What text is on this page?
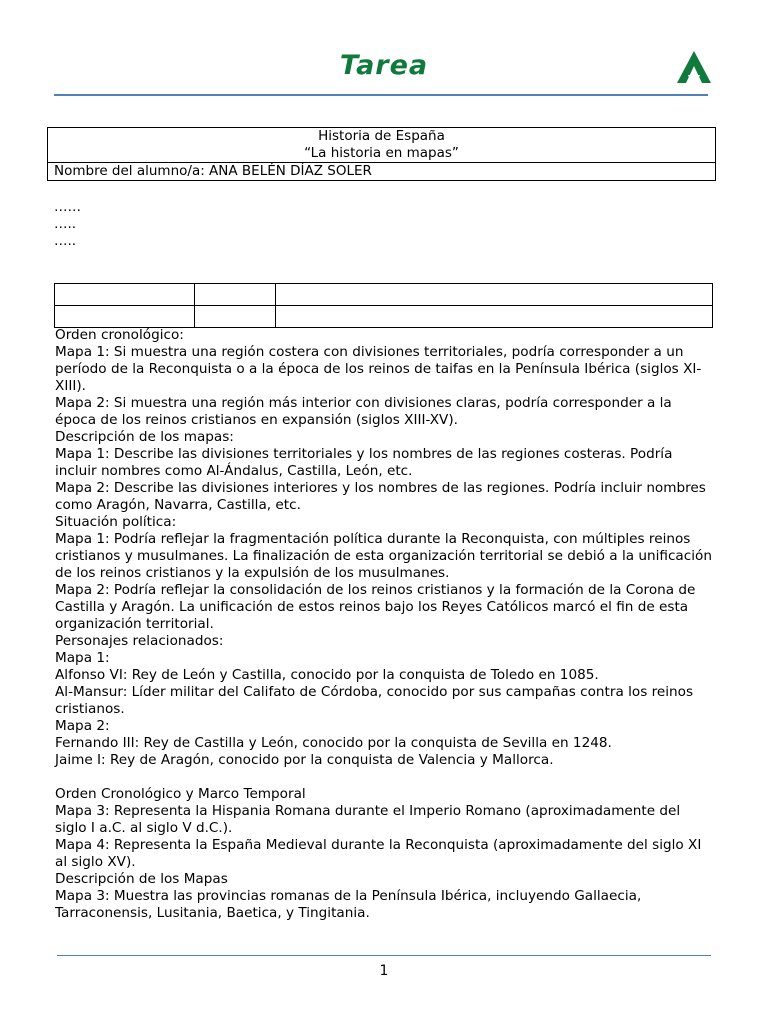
Tarea
Historia de España
“La historia en mapas”

Nombre del alumno/a: ANA BELÉN DÍAZ SOLER
……
…..
…..

Orden cronológico:

Mapa 1: Si muestra una región costera con divisiones territoriales, podría corresponder a un período de la Reconquista o a la época de los reinos de taifas en la Península Ibérica (siglos XI-XIII).

Mapa 2: Si muestra una región más interior con divisiones claras, podría corresponder a la época de los reinos cristianos en expansión (siglos XIII-XV).

Descripción de los mapas:

Mapa 1: Describe las divisiones territoriales y los nombres de las regiones costeras. Podría incluir nombres como Al-Ándalus, Castilla, León, etc.

Mapa 2: Describe las divisiones interiores y los nombres de las regiones. Podría incluir nombres como Aragón, Navarra, Castilla, etc.

Situación política:

Mapa 1: Podría reflejar la fragmentación política durante la Reconquista, con múltiples reinos cristianos y musulmanes. La finalización de esta organización territorial se debió a la unificación de los reinos cristianos y la expulsión de los musulmanes.

Mapa 2: Podría reflejar la consolidación de los reinos cristianos y la formación de la Corona de Castilla y Aragón. La unificación de estos reinos bajo los Reyes Católicos marcó el fin de esta organización territorial.

Personajes relacionados:

Mapa 1:

Alfonso VI: Rey de León y Castilla, conocido por la conquista de Toledo en 1085.

Al-Mansur: Líder militar del Califato de Córdoba, conocido por sus campañas contra los reinos cristianos.

Mapa 2:

Fernando III: Rey de Castilla y León, conocido por la conquista de Sevilla en 1248.

Jaime I: Rey de Aragón, conocido por la conquista de Valencia y Mallorca.

Orden Cronológico y Marco Temporal

Mapa 3: Representa la Hispania Romana durante el Imperio Romano (aproximadamente del siglo I a.C. al siglo V d.C.).

Mapa 4: Representa la España Medieval durante la Reconquista (aproximadamente del siglo XI al siglo XV).

Descripción de los Mapas

Mapa 3: Muestra las provincias romanas de la Península Ibérica, incluyendo Gallaecia, Tarraconensis, Lusitania, Baetica, y Tingitania.

1
